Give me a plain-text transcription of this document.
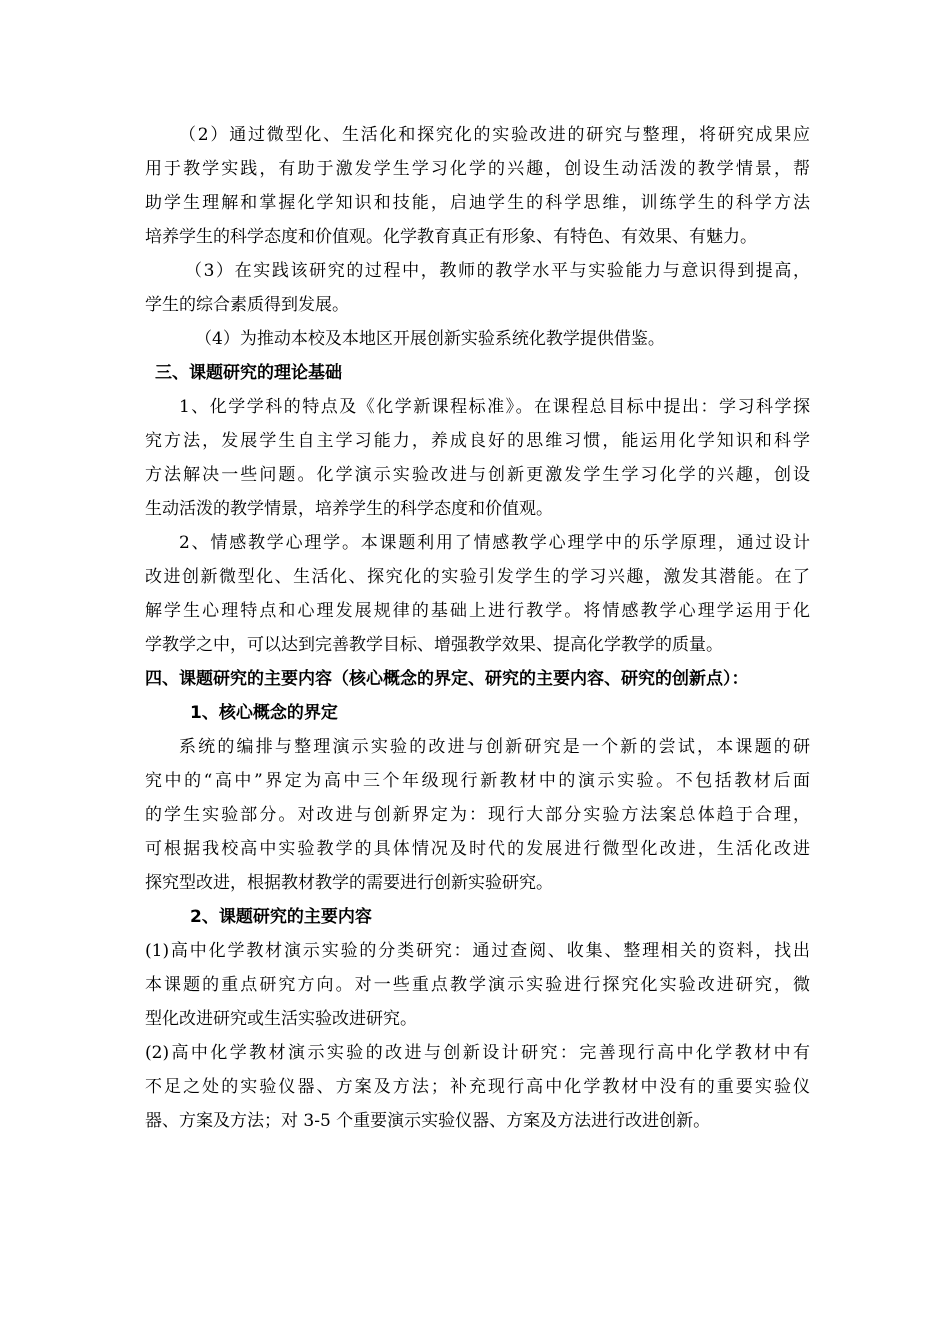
（2）通过微型化、生活化和探究化的实验改进的研究与整理，将研究成果应
用于教学实践，有助于激发学生学习化学的兴趣，创设生动活泼的教学情景，帮
助学生理解和掌握化学知识和技能，启迪学生的科学思维，训练学生的科学方法
培养学生的科学态度和价值观。化学教育真正有形象、有特色、有效果、有魅力。
（3）在实践该研究的过程中，教师的教学水平与实验能力与意识得到提高，
学生的综合素质得到发展。
（4）为推动本校及本地区开展创新实验系统化教学提供借鉴。
三、课题研究的理论基础
1、化学学科的特点及《化学新课程标准》。在课程总目标中提出：学习科学探
究方法，发展学生自主学习能力，养成良好的思维习惯，能运用化学知识和科学
方法解决一些问题。化学演示实验改进与创新更激发学生学习化学的兴趣，创设
生动活泼的教学情景，培养学生的科学态度和价值观。
2、情感教学心理学。本课题利用了情感教学心理学中的乐学原理，通过设计
改进创新微型化、生活化、探究化的实验引发学生的学习兴趣，激发其潜能。在了
解学生心理特点和心理发展规律的基础上进行教学。将情感教学心理学运用于化
学教学之中，可以达到完善教学目标、增强教学效果、提高化学教学的质量。
四、课题研究的主要内容（核心概念的界定、研究的主要内容、研究的创新点）：
1、核心概念的界定
系统的编排与整理演示实验的改进与创新研究是一个新的尝试，本课题的研
究中的“高中”界定为高中三个年级现行新教材中的演示实验。不包括教材后面
的学生实验部分。对改进与创新界定为：现行大部分实验方法案总体趋于合理，
可根据我校高中实验教学的具体情况及时代的发展进行微型化改进，生活化改进
探究型改进，根据教材教学的需要进行创新实验研究。
2、课题研究的主要内容
(1)高中化学教材演示实验的分类研究：通过查阅、收集、整理相关的资料，找出
本课题的重点研究方向。对一些重点教学演示实验进行探究化实验改进研究，微
型化改进研究或生活实验改进研究。
(2)高中化学教材演示实验的改进与创新设计研究：完善现行高中化学教材中有
不足之处的实验仪器、方案及方法；补充现行高中化学教材中没有的重要实验仪
器、方案及方法；对 3-5 个重要演示实验仪器、方案及方法进行改进创新。
